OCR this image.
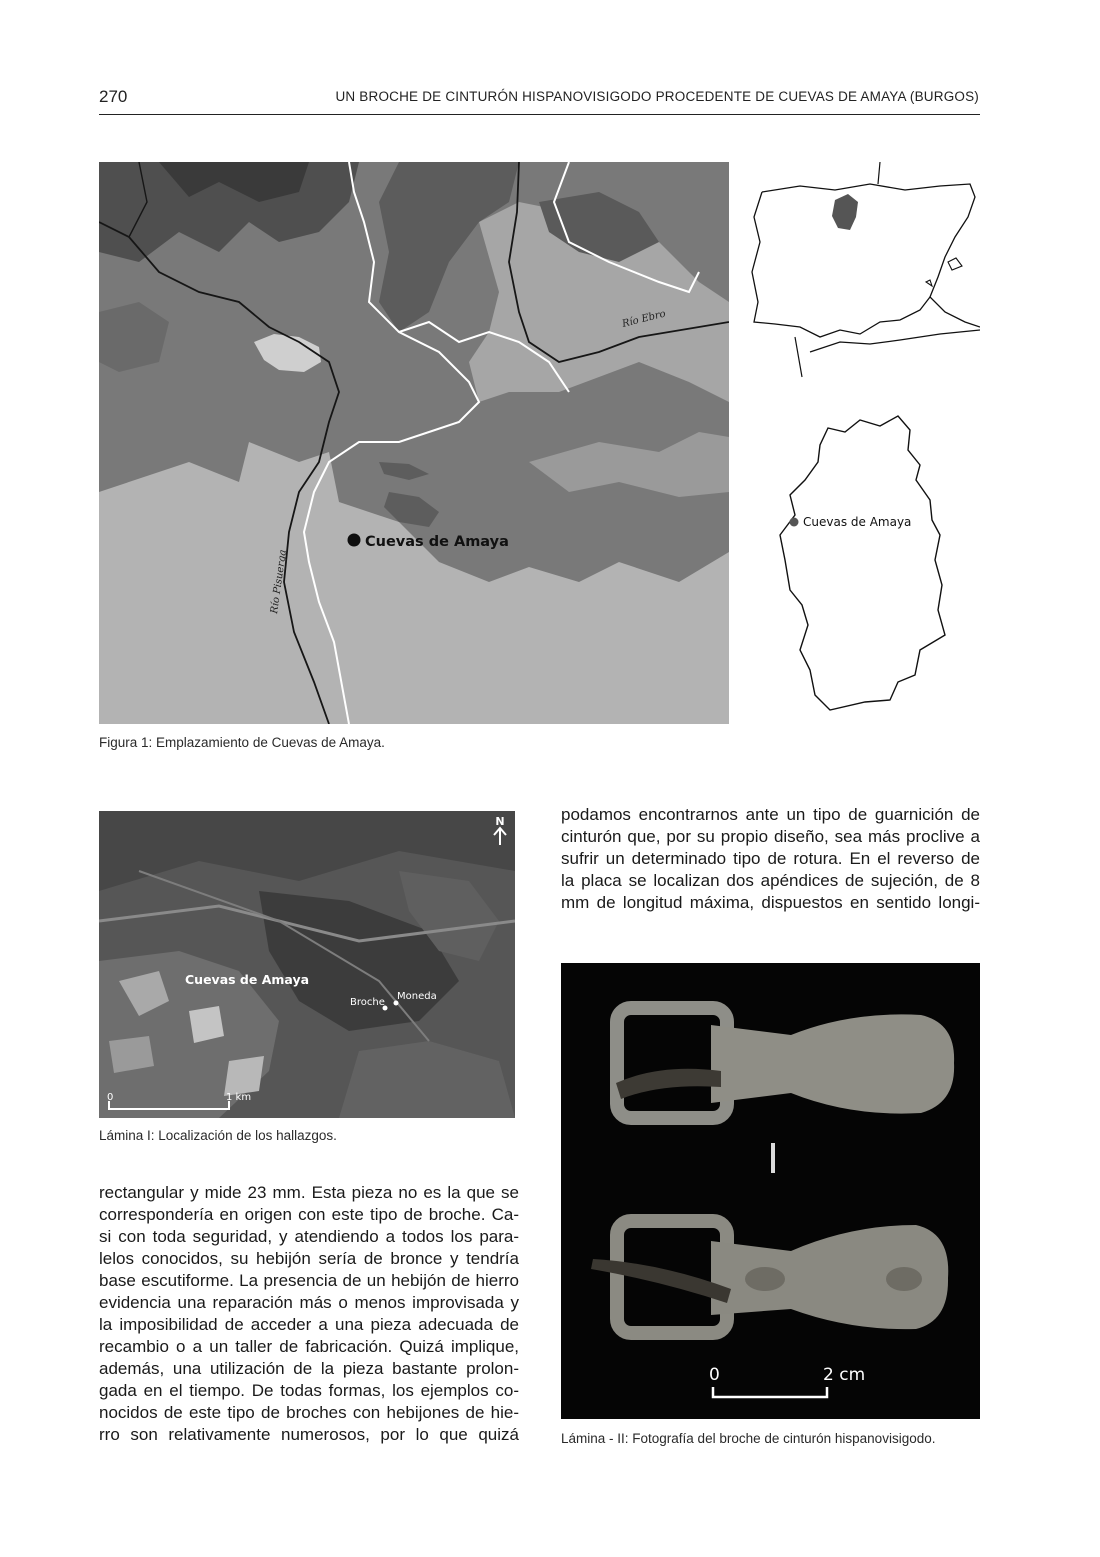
270	UN BROCHE DE CINTURÓN HISPANOVISIGODO PROCEDENTE DE CUEVAS DE AMAYA (BURGOS)
Cuevas de Amaya
Río Ebro
Río Pisuerga
Cuevas de Amaya
Figura 1: Emplazamiento de Cuevas de Amaya.
N
Cuevas de Amaya
Broche
Moneda
0	1 km
Lámina I: Localización de los hallazgos.

podamos encontrarnos ante un tipo de guarnición de

cinturón que, por su propio diseño, sea más proclive a

sufrir un determinado tipo de rotura. En el reverso de

la placa se localizan dos apéndices de sujeción, de 8

mm de longitud máxima, dispuestos en sentido longi-

0	2 cm
Lámina - II: Fotografía del broche de cinturón hispanovisigodo.

rectangular y mide 23 mm. Esta pieza no es la que se

correspondería en origen con este tipo de broche. Ca-

si con toda seguridad, y atendiendo a todos los para-

lelos conocidos, su hebijón sería de bronce y tendría

base escutiforme. La presencia de un hebijón de hierro

evidencia una reparación más o menos improvisada y

la imposibilidad de acceder a una pieza adecuada de

recambio o a un taller de fabricación. Quizá implique,

además, una utilización de la pieza bastante prolon-

gada en el tiempo. De todas formas, los ejemplos co-

nocidos de este tipo de broches con hebijones de hie-

rro son relativamente numerosos, por lo que quizá
